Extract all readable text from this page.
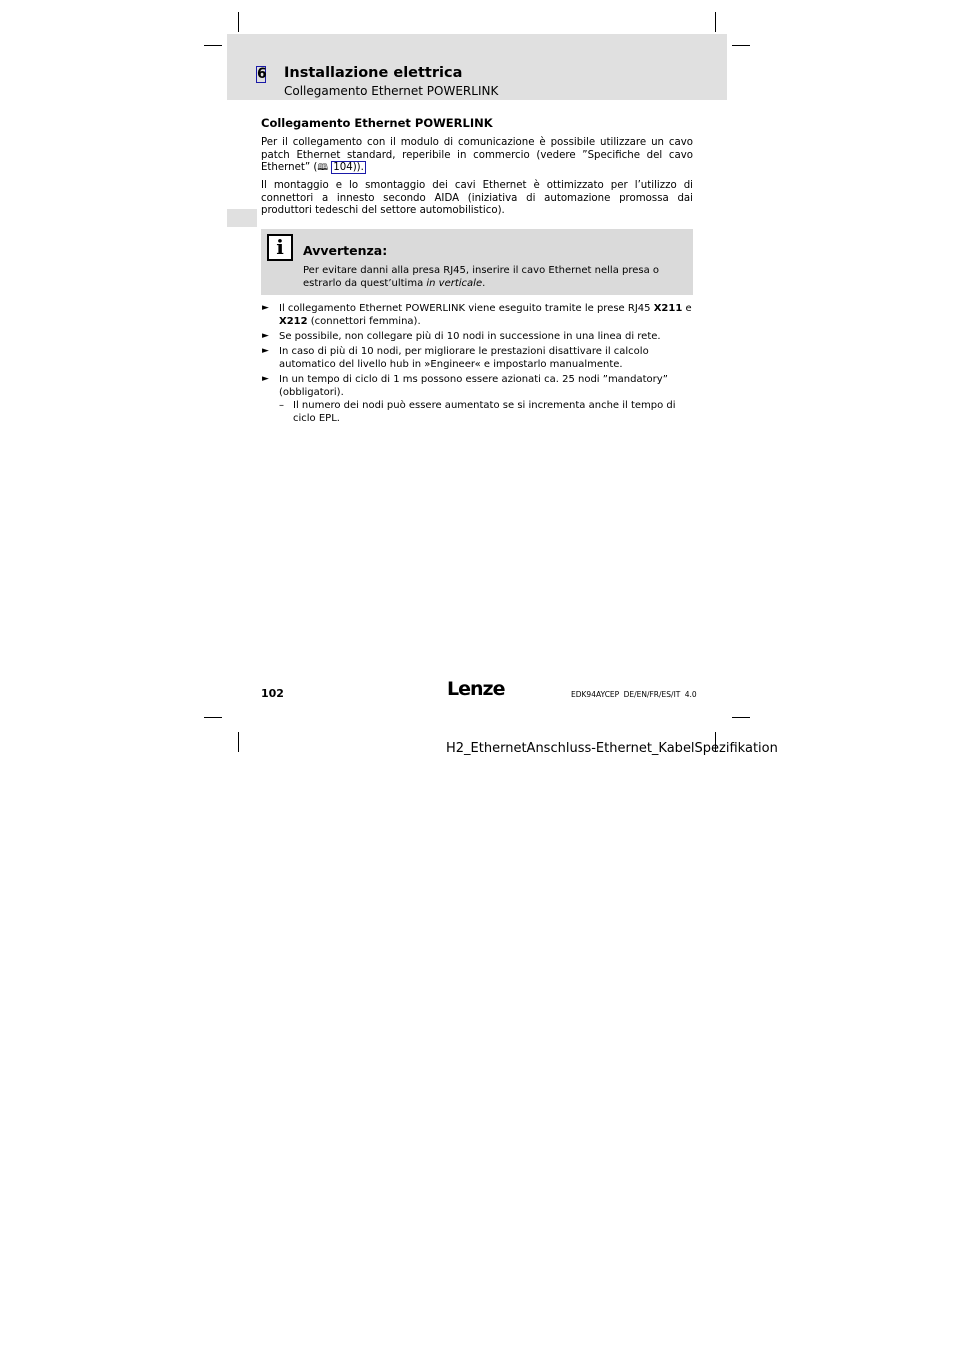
6 Installazione elettrica
Collegamento Ethernet POWERLINK
Collegamento Ethernet POWERLINK

Per il collegamento con il modulo di comunicazione è possibile utilizzare un cavo patch Ethernet standard, reperibile in commercio (vedere ”Specifiche del cavo Ethernet” (🕮 104)).

Il montaggio e lo smontaggio dei cavi Ethernet è ottimizzato per l’utilizzo di connettori a innesto secondo AIDA (iniziativa di automazione promossa dai produttori tedeschi del settore automobilistico).

i	Avvertenza:
Per evitare danni alla presa RJ45, inserire il cavo Ethernet nella presa o estrarlo da quest’ultima in verticale.
► Il collegamento Ethernet POWERLINK viene eseguito tramite le prese RJ45 X211 e X212 (connettori femmina).
► Se possibile, non collegare più di 10 nodi in successione in una linea di rete.
► In caso di più di 10 nodi, per migliorare le prestazioni disattivare il calcolo automatico del livello hub in »Engineer« e impostarlo manualmente.
► In un tempo di ciclo di 1 ms possono essere azionati ca. 25 nodi ”mandatory” (obbligatori).
– Il numero dei nodi può essere aumentato se si incrementa anche il tempo di ciclo EPL.
102	Lenze	EDK94AYCEP DE/EN/FR/ES/IT 4.0
H2_EthernetAnschluss-Ethernet_KabelSpezifikation
